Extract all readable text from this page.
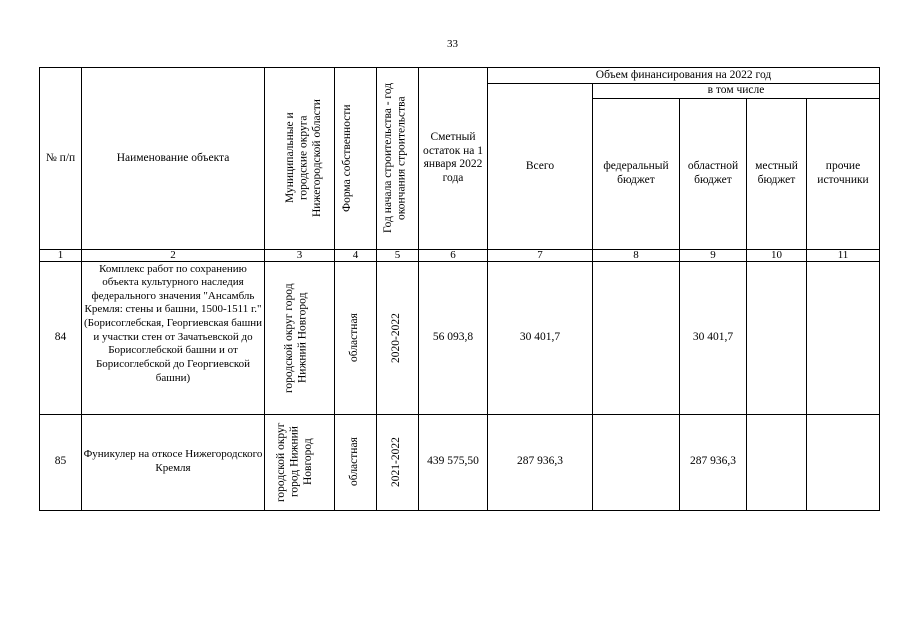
33
№ п/п	Наименование объекта	Муниципальные и городские округа Нижегородской области	Форма собственности	Год начала строительства - год окончания строительства	Сметный остаток на 1 января 2022 года	Объем финансирования на 2022 год				
						Всего	в том числе			
							федеральный бюджет	областной бюджет	местный бюджет	прочие источники
1	2	3	4	5	6	7	8	9	10	11
84	Комплекс работ по сохранению объекта культурного наследия федерального значения "Ансамбль Кремля: стены и башни, 1500-1511 г." (Борисоглебская, Георгиевская башни и участки стен от Зачатьевской до Борисоглебской башни и от Борисоглебской до Георгиевской башни)	городской округ город Нижний Новгород	областная	2020-2022	56 093,8	30 401,7		30 401,7		
85	Фуникулер на откосе Нижегородского Кремля	городской округ город Нижний Новгород	областная	2021-2022	439 575,50	287 936,3		287 936,3		
